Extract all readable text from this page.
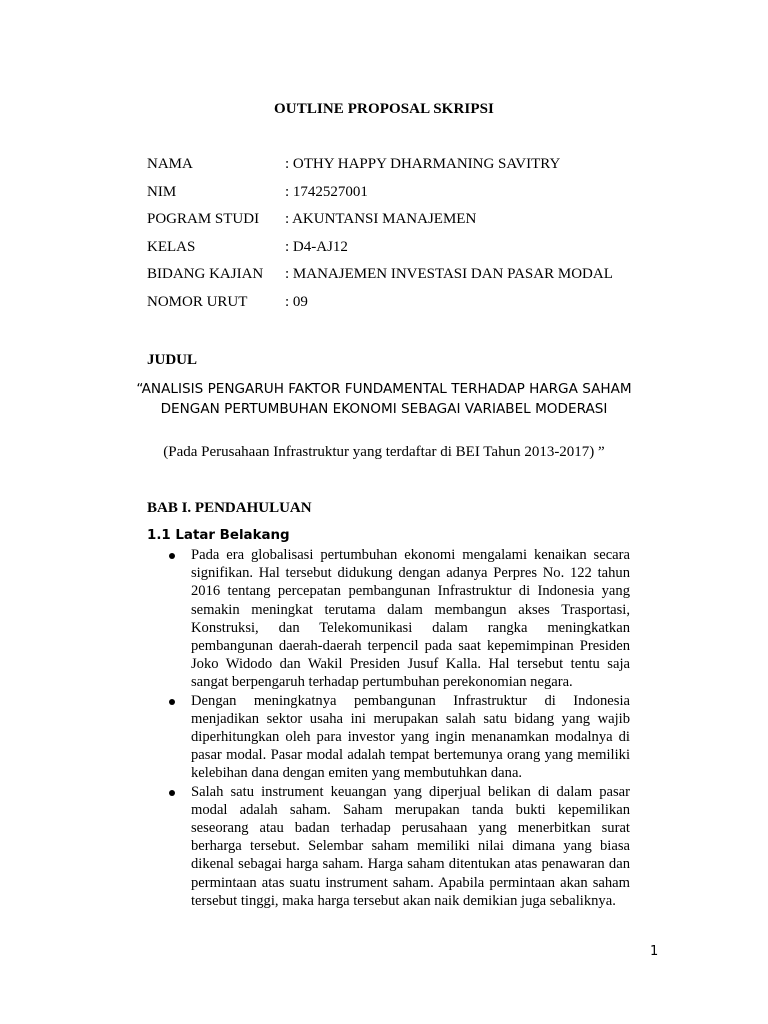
OUTLINE PROPOSAL SKRIPSI
NAMA	: OTHY HAPPY DHARMANING SAVITRY
NIM	: 1742527001
POGRAM STUDI : AKUNTANSI MANAJEMEN
KELAS	: D4-AJ12
BIDANG KAJIAN : MANAJEMEN INVESTASI DAN PASAR MODAL
NOMOR URUT	: 09
JUDUL
“ANALISIS PENGARUH FAKTOR FUNDAMENTAL TERHADAP HARGA SAHAM DENGAN PERTUMBUHAN EKONOMI SEBAGAI VARIABEL MODERASI
(Pada Perusahaan Infrastruktur yang terdaftar di BEI Tahun 2013-2017) ”
BAB I. PENDAHULUAN
1.1 Latar Belakang
Pada era globalisasi pertumbuhan ekonomi mengalami kenaikan secara signifikan. Hal tersebut didukung dengan adanya Perpres No. 122 tahun 2016 tentang percepatan pembangunan Infrastruktur di Indonesia yang semakin meningkat terutama dalam membangun akses Trasportasi, Konstruksi, dan Telekomunikasi dalam rangka meningkatkan pembangunan daerah-daerah terpencil pada saat kepemimpinan Presiden Joko Widodo dan Wakil Presiden Jusuf Kalla. Hal tersebut tentu saja sangat berpengaruh terhadap pertumbuhan perekonomian negara.
Dengan meningkatnya pembangunan Infrastruktur di Indonesia menjadikan sektor usaha ini merupakan salah satu bidang yang wajib diperhitungkan oleh para investor yang ingin menanamkan modalnya di pasar modal. Pasar modal adalah tempat bertemunya orang yang memiliki kelebihan dana dengan emiten yang membutuhkan dana.
Salah satu instrument keuangan yang diperjual belikan di dalam pasar modal adalah saham. Saham merupakan tanda bukti kepemilikan seseorang atau badan terhadap perusahaan yang menerbitkan surat berharga tersebut. Selembar saham memiliki nilai dimana yang biasa dikenal sebagai harga saham. Harga saham ditentukan atas penawaran dan permintaan atas suatu instrument saham. Apabila permintaan akan saham tersebut tinggi, maka harga tersebut akan naik demikian juga sebaliknya.
1
